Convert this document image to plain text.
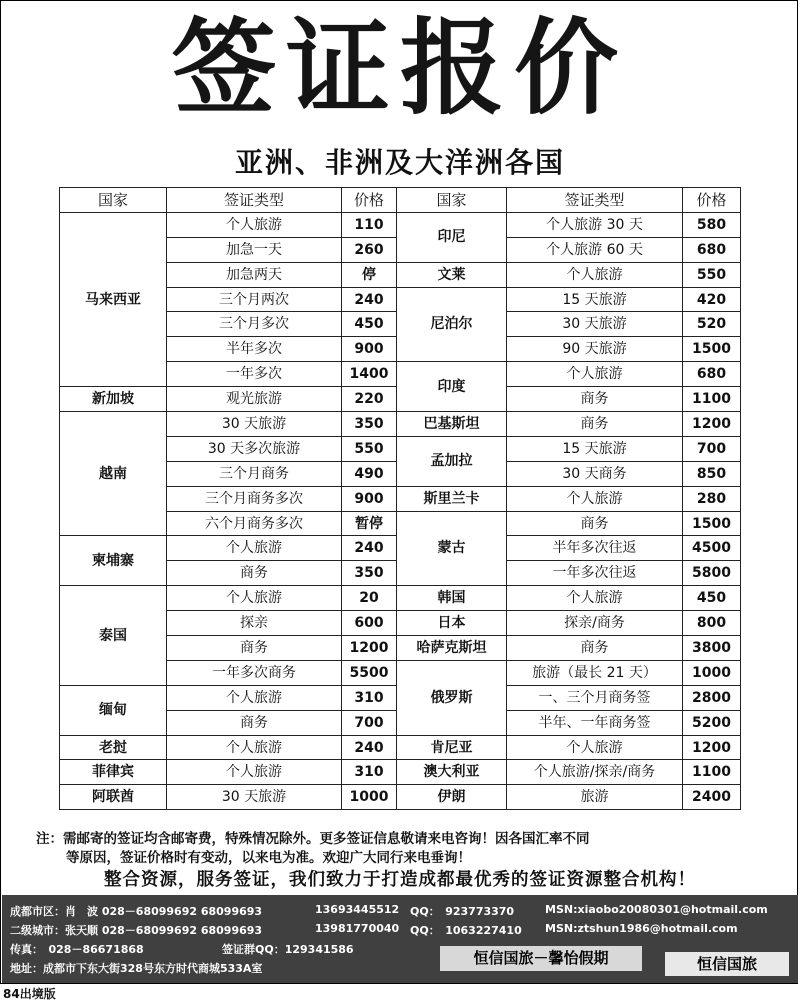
签证报价
亚洲、非洲及大洋洲各国
国家	签证类型	价格	国家	签证类型	价格
马来西亚	个人旅游	110	印尼	个人旅游 30 天	580
	加急一天	260		个人旅游 60 天	680
	加急两天	停	文莱	个人旅游	550
	三个月两次	240	尼泊尔	15 天旅游	420
	三个月多次	450		30 天旅游	520
	半年多次	900		90 天旅游	1500
	一年多次	1400	印度	个人旅游	680
新加坡	观光旅游	220		商务	1100
越南	30 天旅游	350	巴基斯坦	商务	1200
	30 天多次旅游	550	孟加拉	15 天旅游	700
	三个月商务	490		30 天商务	850
	三个月商务多次	900	斯里兰卡	个人旅游	280
	六个月商务多次	暂停	蒙古	商务	1500
柬埔寨	个人旅游	240		半年多次往返	4500
	商务	350		一年多次往返	5800
泰国	个人旅游	20	韩国	个人旅游	450
	探亲	600	日本	探亲/商务	800
	商务	1200	哈萨克斯坦	商务	3800
	一年多次商务	5500	俄罗斯	旅游（最长 21 天）	1000
缅甸	个人旅游	310		一、三个月商务签	2800
	商务	700		半年、一年商务签	5200
老挝	个人旅游	240	肯尼亚	个人旅游	1200
菲律宾	个人旅游	310	澳大利亚	个人旅游/探亲/商务	1100
阿联酋	30 天旅游	1000	伊朗	旅游	2400
注：需邮寄的签证均含邮寄费，特殊情况除外。更多签证信息敬请来电咨询！因各国汇率不同
等原因，签证价格时有变动，以来电为准。欢迎广大同行来电垂询！
整合资源，服务签证，我们致力于打造成都最优秀的签证资源整合机构！
成都市区：肖　波 028－68099692 68099693	13693445512 QQ：　923773370	MSN:xiaobo20080301@hotmail.com
二级城市：张天顺 028－68099692 68099693	13981770040 QQ：　1063227410 MSN:ztshun1986@hotmail.com
传真：　028－86671868	签证群QQ：129341586
地址：成都市下东大街328号东方时代商城533A室
恒信国旅－馨怡假期	恒信国旅
84出境版
